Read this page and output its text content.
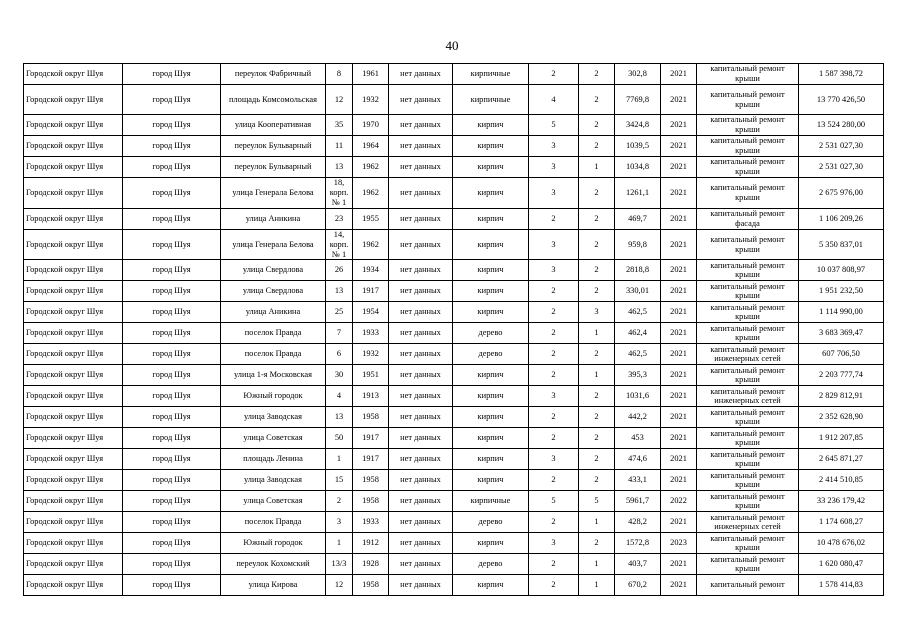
40
Городской округ Шуя	город Шуя	переулок Фабричный	8	1961	нет данных	кирпичные	2	2	302,8	2021	капитальный ремонт крыши	1 587 398,72
Городской округ Шуя	город Шуя	площадь Комсомольская	12	1932	нет данных	кирпичные	4	2	7769,8	2021	капитальный ремонт крыши	13 770 426,50
Городской округ Шуя	город Шуя	улица Кооперативная	35	1970	нет данных	кирпич	5	2	3424,8	2021	капитальный ремонт крыши	13 524 280,00
Городской округ Шуя	город Шуя	переулок Бульварный	11	1964	нет данных	кирпич	3	2	1039,5	2021	капитальный ремонт крыши	2 531 027,30
Городской округ Шуя	город Шуя	переулок Бульварный	13	1962	нет данных	кирпич	3	1	1034,8	2021	капитальный ремонт крыши	2 531 027,30
Городской округ Шуя	город Шуя	улица Генерала Белова	18, корп. № 1	1962	нет данных	кирпич	3	2	1261,1	2021	капитальный ремонт крыши	2 675 976,00
Городской округ Шуя	город Шуя	улица Аникина	23	1955	нет данных	кирпич	2	2	469,7	2021	капитальный ремонт фасада	1 106 209,26
Городской округ Шуя	город Шуя	улица Генерала Белова	14, корп. № 1	1962	нет данных	кирпич	3	2	959,8	2021	капитальный ремонт крыши	5 350 837,01
Городской округ Шуя	город Шуя	улица Свердлова	26	1934	нет данных	кирпич	3	2	2818,8	2021	капитальный ремонт крыши	10 037 808,97
Городской округ Шуя	город Шуя	улица Свердлова	13	1917	нет данных	кирпич	2	2	330,01	2021	капитальный ремонт крыши	1 951 232,50
Городской округ Шуя	город Шуя	улица Аникина	25	1954	нет данных	кирпич	2	3	462,5	2021	капитальный ремонт крыши	1 114 990,00
Городской округ Шуя	город Шуя	поселок Правда	7	1933	нет данных	дерево	2	1	462,4	2021	капитальный ремонт крыши	3 683 369,47
Городской округ Шуя	город Шуя	поселок Правда	6	1932	нет данных	дерево	2	2	462,5	2021	капитальный ремонт инженерных сетей	607 706,50
Городской округ Шуя	город Шуя	улица 1-я Московская	30	1951	нет данных	кирпич	2	1	395,3	2021	капитальный ремонт крыши	2 203 777,74
Городской округ Шуя	город Шуя	Южный городок	4	1913	нет данных	кирпич	3	2	1031,6	2021	капитальный ремонт инженерных сетей	2 829 812,91
Городской округ Шуя	город Шуя	улица Заводская	13	1958	нет данных	кирпич	2	2	442,2	2021	капитальный ремонт крыши	2 352 628,90
Городской округ Шуя	город Шуя	улица Советская	50	1917	нет данных	кирпич	2	2	453	2021	капитальный ремонт крыши	1 912 207,85
Городской округ Шуя	город Шуя	площадь Ленина	1	1917	нет данных	кирпич	3	2	474,6	2021	капитальный ремонт крыши	2 645 871,27
Городской округ Шуя	город Шуя	улица Заводская	15	1958	нет данных	кирпич	2	2	433,1	2021	капитальный ремонт крыши	2 414 510,85
Городской округ Шуя	город Шуя	улица Советская	2	1958	нет данных	кирпичные	5	5	5961,7	2022	капитальный ремонт крыши	33 236 179,42
Городской округ Шуя	город Шуя	поселок Правда	3	1933	нет данных	дерево	2	1	428,2	2021	капитальный ремонт инженерных сетей	1 174 608,27
Городской округ Шуя	город Шуя	Южный городок	1	1912	нет данных	кирпич	3	2	1572,8	2023	капитальный ремонт крыши	10 478 676,02
Городской округ Шуя	город Шуя	переулок Кохомский	13/3	1928	нет данных	дерево	2	1	403,7	2021	капитальный ремонт крыши	1 620 080,47
Городской округ Шуя	город Шуя	улица Кирова	12	1958	нет данных	кирпич	2	1	670,2	2021	капитальный ремонт	1 578 414,83
